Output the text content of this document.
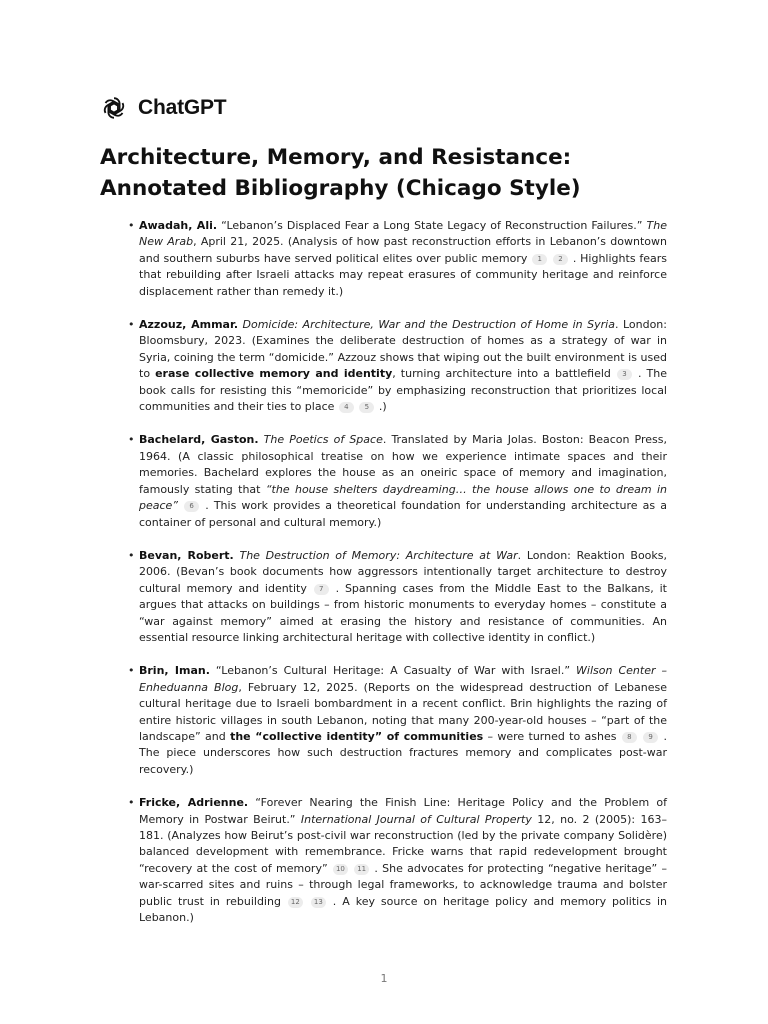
ChatGPT
Architecture, Memory, and Resistance:
Annotated Bibliography (Chicago Style)
• Awadah, Ali. “Lebanon’s Displaced Fear a Long State Legacy of Reconstruction Failures.” The New Arab, April 21, 2025. (Analysis of how past reconstruction efforts in Lebanon’s downtown and southern suburbs have served political elites over public memory 1 2 . Highlights fears that rebuilding after Israeli attacks may repeat erasures of community heritage and reinforce displacement rather than remedy it.)
• Azzouz, Ammar. Domicide: Architecture, War and the Destruction of Home in Syria. London: Bloomsbury, 2023. (Examines the deliberate destruction of homes as a strategy of war in Syria, coining the term “domicide.” Azzouz shows that wiping out the built environment is used to erase collective memory and identity, turning architecture into a battlefield 3 . The book calls for resisting this “memoricide” by emphasizing reconstruction that prioritizes local communities and their ties to place 4 5 .)
• Bachelard, Gaston. The Poetics of Space. Translated by Maria Jolas. Boston: Beacon Press, 1964. (A classic philosophical treatise on how we experience intimate spaces and their memories. Bachelard explores the house as an oneiric space of memory and imagination, famously stating that “the house shelters daydreaming… the house allows one to dream in peace” 6 . This work provides a theoretical foundation for understanding architecture as a container of personal and cultural memory.)
• Bevan, Robert. The Destruction of Memory: Architecture at War. London: Reaktion Books, 2006. (Bevan’s book documents how aggressors intentionally target architecture to destroy cultural memory and identity 7 . Spanning cases from the Middle East to the Balkans, it argues that attacks on buildings – from historic monuments to everyday homes – constitute a “war against memory” aimed at erasing the history and resistance of communities. An essential resource linking architectural heritage with collective identity in conflict.)
• Brin, Iman. “Lebanon’s Cultural Heritage: A Casualty of War with Israel.” Wilson Center – Enheduanna Blog, February 12, 2025. (Reports on the widespread destruction of Lebanese cultural heritage due to Israeli bombardment in a recent conflict. Brin highlights the razing of entire historic villages in south Lebanon, noting that many 200-year-old houses – “part of the landscape” and the “collective identity” of communities – were turned to ashes 8 9 . The piece underscores how such destruction fractures memory and complicates post-war recovery.)
• Fricke, Adrienne. “Forever Nearing the Finish Line: Heritage Policy and the Problem of Memory in Postwar Beirut.” International Journal of Cultural Property 12, no. 2 (2005): 163–181. (Analyzes how Beirut’s post-civil war reconstruction (led by the private company Solidère) balanced development with remembrance. Fricke warns that rapid redevelopment brought “recovery at the cost of memory” 10 11 . She advocates for protecting “negative heritage” – war-scarred sites and ruins – through legal frameworks, to acknowledge trauma and bolster public trust in rebuilding 12 13 . A key source on heritage policy and memory politics in Lebanon.)
1
